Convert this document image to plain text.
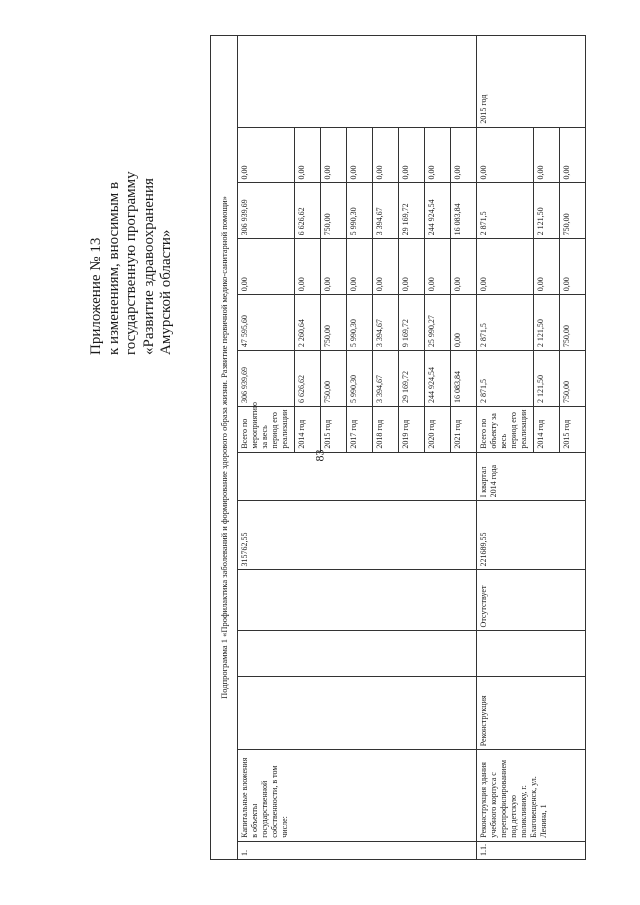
83
Приложение № 13 к изменениям, вносимым в государственную программу «Развитие здравоохранения Амурской области»	Подпрограмма 1 «Профилактика заболеваний и формирование здорового образа жизни. Развитие первичной медико-санитарной помощи»													
1.	Капитальные вложения в объекты государственной собственности, в том числе:				315762,55		Всего по мероприятию за весь период его реализации	306 939,69	47 595,60	0,00	306 939,69	0,00	
							2014 год	6 626,62	2 260,64	0,00	6 626,62	0,00	
							2015 год	750,00	750,00	0,00	750,00	0,00	
							2017 год	5 990,30	5 990,30	0,00	5 990,30	0,00	
							2018 год	3 394,67	3 394,67	0,00	3 394,67	0,00	
							2019 год	29 169,72	9 169,72	0,00	29 169,72	0,00	
							2020 год	244 924,54	25 990,27	0,00	244 924,54	0,00	
							2021 год	16 083,84	0,00	0,00	16 083,84	0,00	
1.1.	Реконструкция здания учебного корпуса с перепрофилированием под детскую поликлинику, г. Благовещенск, ул. Ленина, 1	Реконструкция		Отсутствует	221689,55	I квартал 2014 года	Всего по объекту за весь период его реализации	2 871,5	2 871,5	0,00	2 871,5	0,00	2015 год
							2014 год	2 121,50	2 121,50	0,00	2 121,50	0,00	
							2015 год	750,00	750,00	0,00	750,00	0,00	
